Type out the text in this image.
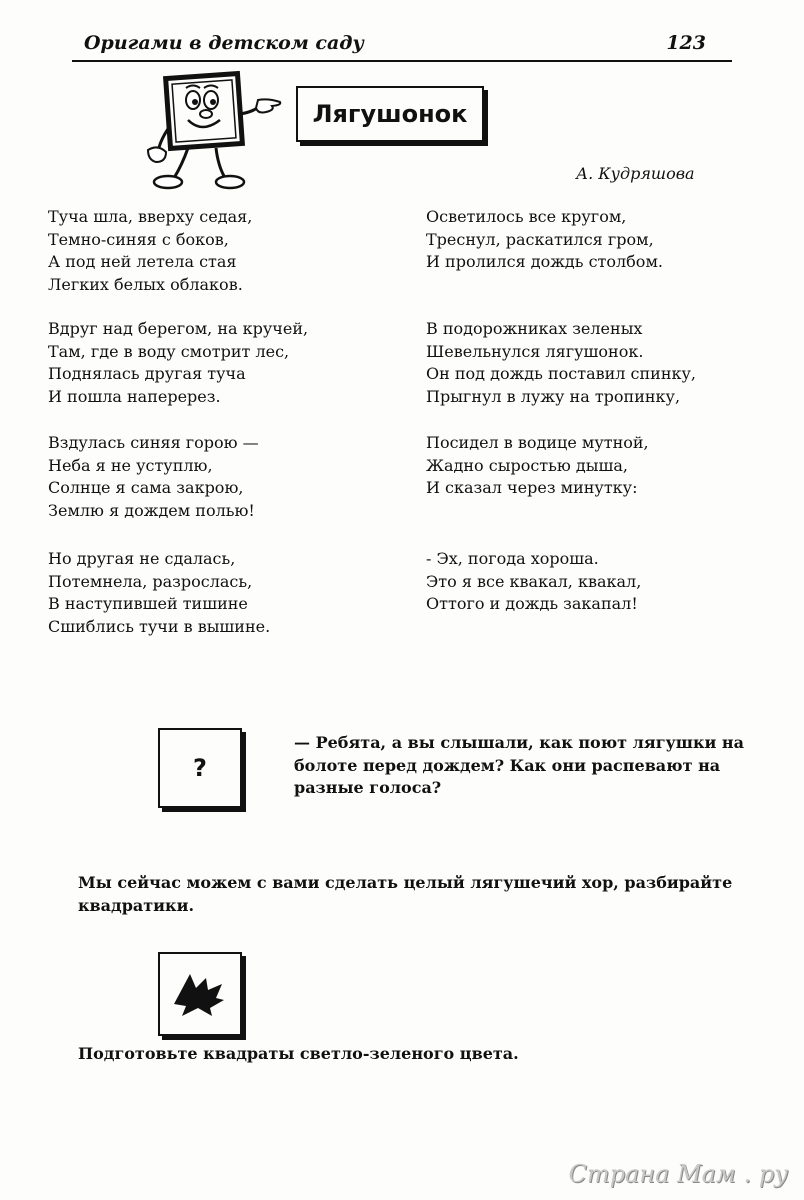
Оригами в детском саду	123
Лягушонок
А. Кудряшова
Туча шла, вверху седая,
Темно-синяя с боков,
А под ней летела стая
Легких белых облаков.
Вдруг над берегом, на кручей,
Там, где в воду смотрит лес,
Поднялась другая туча
И пошла наперерез.
Вздулась синяя горою —
Неба я не уступлю,
Солнце я сама закрою,
Землю я дождем полью!
Но другая не сдалась,
Потемнела, разрослась,
В наступившей тишине
Сшиблись тучи в вышине.
Осветилось все кругом,
Треснул, раскатился гром,
И пролился дождь столбом.
В подорожниках зеленых
Шевельнулся лягушонок.
Он под дождь поставил спинку,
Прыгнул в лужу на тропинку,
Посидел в водице мутной,
Жадно сыростью дыша,
И сказал через минутку:
- Эх, погода хороша.
Это я все квакал, квакал,
Оттого и дождь закапал!
?
— Ребята, а вы слышали, как поют лягушки на болоте перед дождем? Как они распевают на разные голоса?
Мы сейчас можем с вами сделать целый лягушечий хор, разбирайте квадратики.
Подготовьте квадраты светло-зеленого цвета.
Страна Мам . ру
